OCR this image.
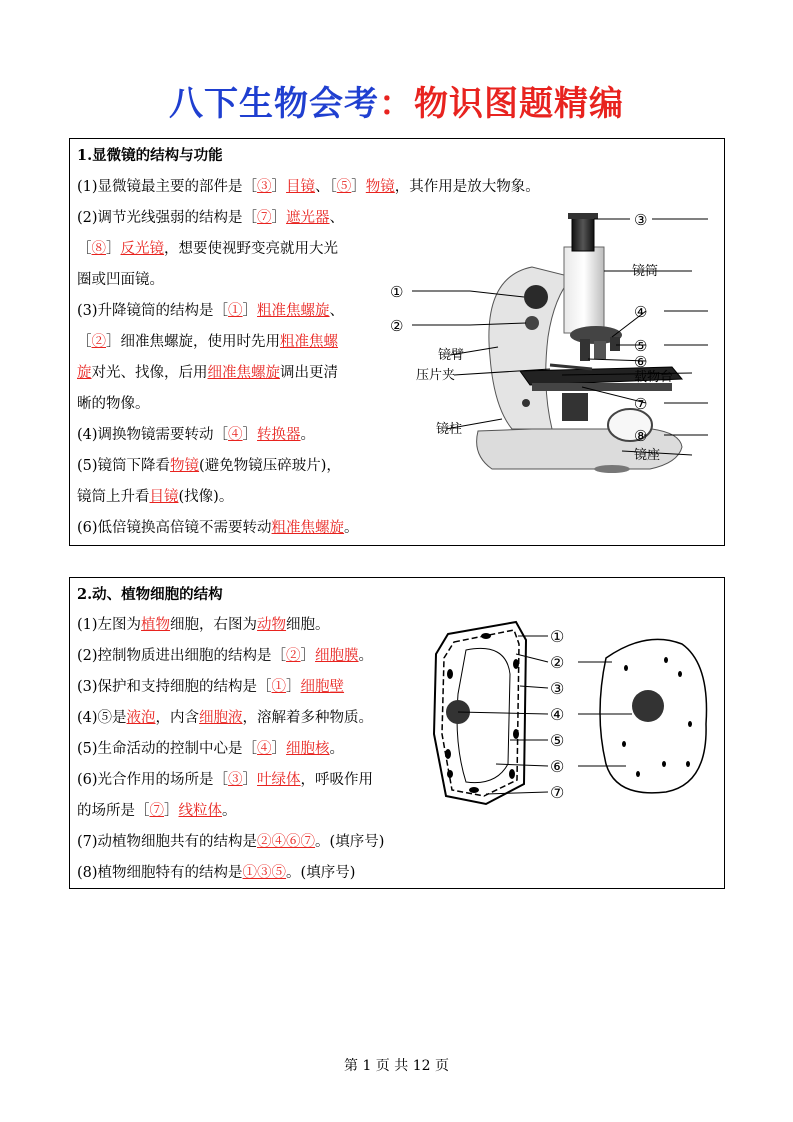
八下生物会考：物识图题精编
1.显微镜的结构与功能
(1)显微镜最主要的部件是［③］目镜、［⑤］物镜，其作用是放大物象。
(2)调节光线强弱的结构是［⑦］遮光器、
［⑧］反光镜，想要使视野变亮就用大光
圈或凹面镜。
(3)升降镜筒的结构是［①］粗准焦螺旋、
［②］细准焦螺旋，使用时先用粗准焦螺
旋对光、找像，后用细准焦螺旋调出更清
晰的物像。
(4)调换物镜需要转动［④］转换器。
(5)镜筒下降看物镜(避免物镜压碎玻片)，
镜筒上升看目镜(找像)。
(6)低倍镜换高倍镜不需要转动粗准焦螺旋。
①
②
③
④
⑤
⑥
⑦
⑧
镜筒
镜臂
压片夹	载物台
镜柱
镜座
2.动、植物细胞的结构
(1)左图为植物细胞，右图为动物细胞。
(2)控制物质进出细胞的结构是［②］细胞膜。
(3)保护和支持细胞的结构是［①］细胞壁
(4)⑤是液泡，内含细胞液，溶解着多种物质。
(5)生命活动的控制中心是［④］细胞核。
(6)光合作用的场所是［③］叶绿体，呼吸作用
的场所是［⑦］线粒体。
(7)动植物细胞共有的结构是②④⑥⑦。(填序号)
(8)植物细胞特有的结构是①③⑤。(填序号)
①
②
③
④
⑤
⑥
⑦
第 1 页 共 12 页
